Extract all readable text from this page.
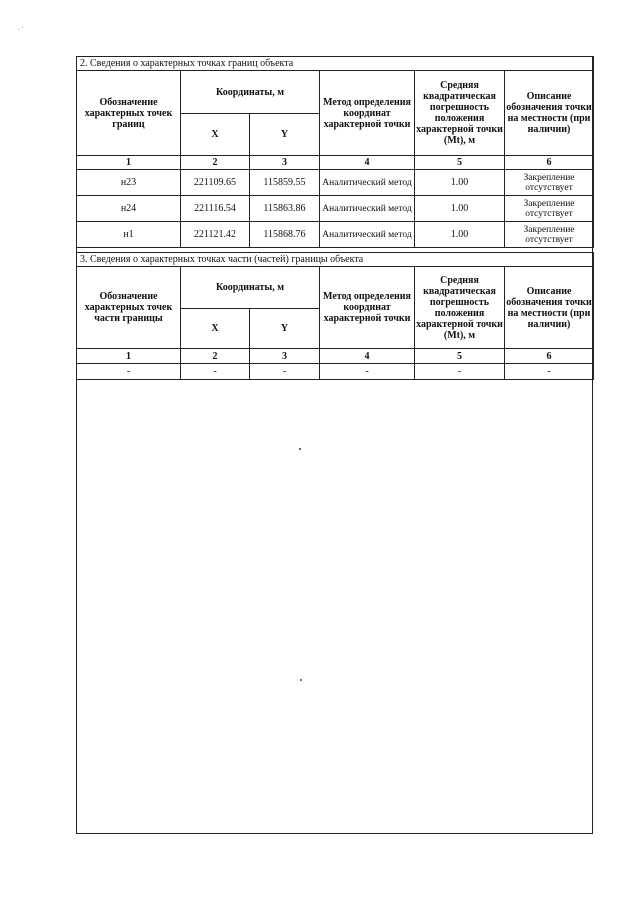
. ·
2. Сведения о характерных точках границ объекта					
Обозначение характерных точек границ	Координаты, м		Метод определения координат характерной точки	Средняя квадратическая погрешность положения характерной точки (Mt), м	Описание обозначения точки на местности (при наличии)
	X	Y			
1	2	3	4	5	6
н23	221109.65	115859.55	Аналитический метод	1.00	Закрепление отсутствует
н24	221116.54	115863.86	Аналитический метод	1.00	Закрепление отсутствует
н1	221121.42	115868.76	Аналитический метод	1.00	Закрепление отсутствует
3. Сведения о характерных точках части (частей) границы объекта					
Обозначение характерных точек части границы	Координаты, м		Метод определения координат характерной точки	Средняя квадратическая погрешность положения характерной точки (Mt), м	Описание обозначения точки на местности (при наличии)
	X	Y			
1	2	3	4	5	6
-	-	-	-	-	-
